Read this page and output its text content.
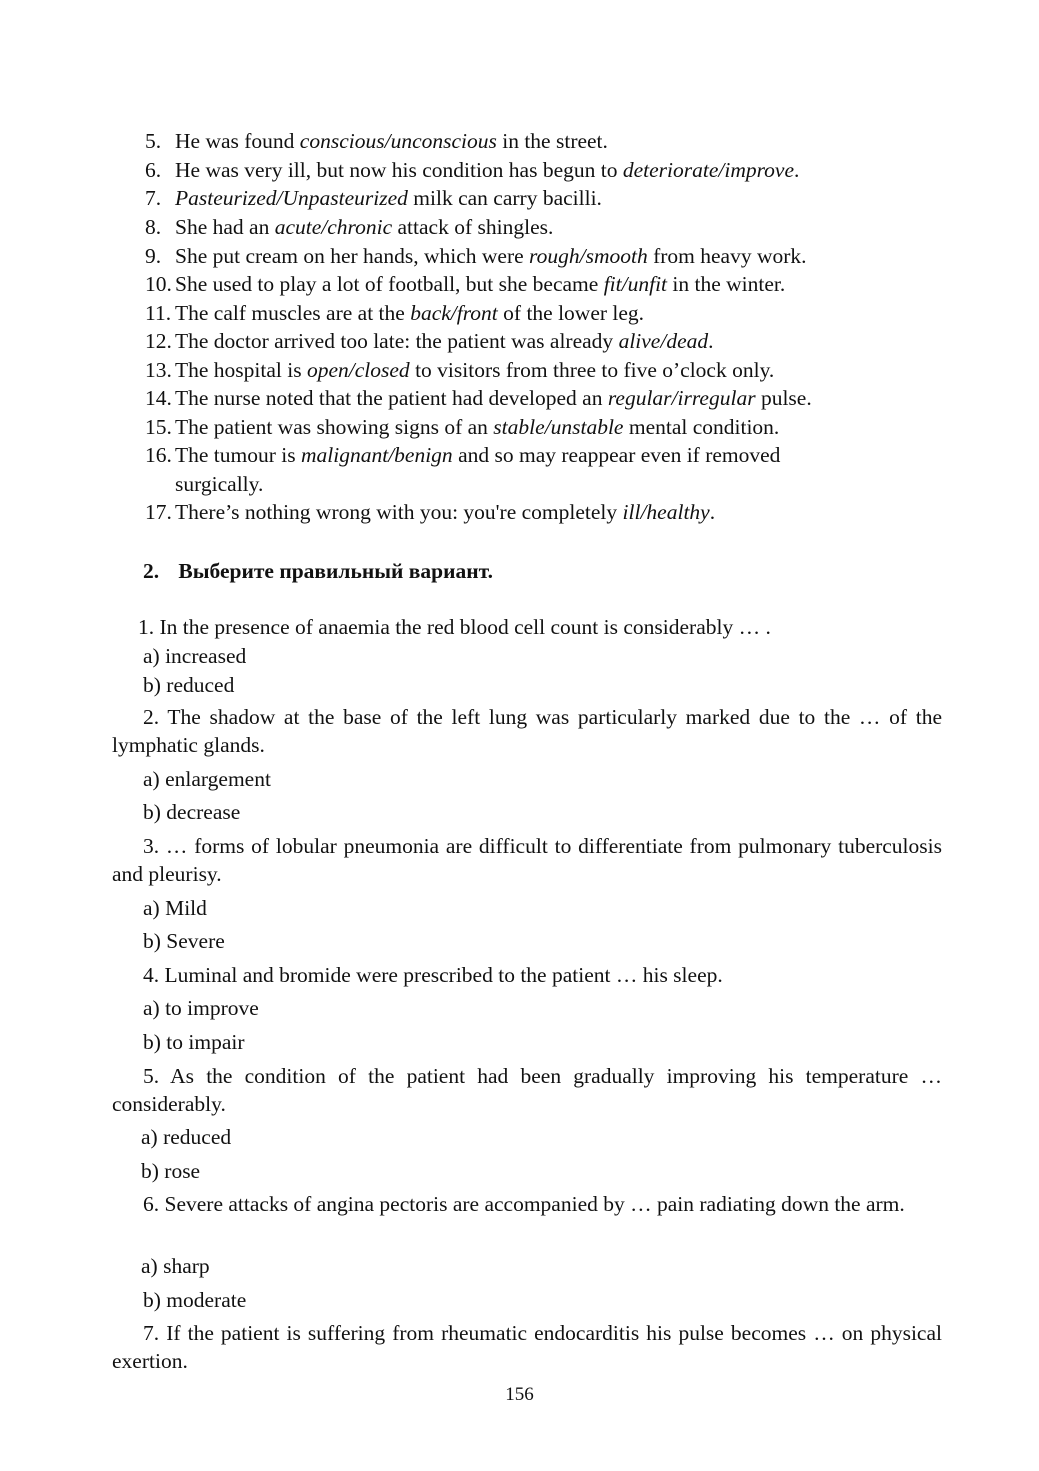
5. He was found conscious/unconscious in the street.
6. He was very ill, but now his condition has begun to deteriorate/improve.
7. Pasteurized/Unpasteurized milk can carry bacilli.
8. She had an acute/chronic attack of shingles.
9. She put cream on her hands, which were rough/smooth from heavy work.
10. She used to play a lot of football, but she became fit/unfit in the winter.
11. The calf muscles are at the back/front of the lower leg.
12. The doctor arrived too late: the patient was already alive/dead.
13. The hospital is open/closed to visitors from three to five o’clock only.
14. The nurse noted that the patient had developed an regular/irregular pulse.
15. The patient was showing signs of an stable/unstable mental condition.
16. The tumour is malignant/benign and so may reappear even if removed
surgically.
17. There’s nothing wrong with you: you're completely ill/healthy.
2. Выберите правильный вариант.
1. In the presence of anaemia the red blood cell count is considerably … .
a) increased
b) reduced
2. The shadow at the base of the left lung was particularly marked due to the … of the lymphatic glands.
a) enlargement
b) decrease
3. … forms of lobular pneumonia are difficult to differentiate from pulmonary tuberculosis and pleurisy.
a) Mild
b) Severe
4. Luminal and bromide were prescribed to the patient … his sleep.
a) to improve
b) to impair
5. As the condition of the patient had been gradually improving his temperature … considerably.
a) reduced
b) rose
6. Severe attacks of angina pectoris are accompanied by … pain radiating down the arm.
a) sharp
b) moderate
7. If the patient is suffering from rheumatic endocarditis his pulse becomes … on physical exertion.
156
